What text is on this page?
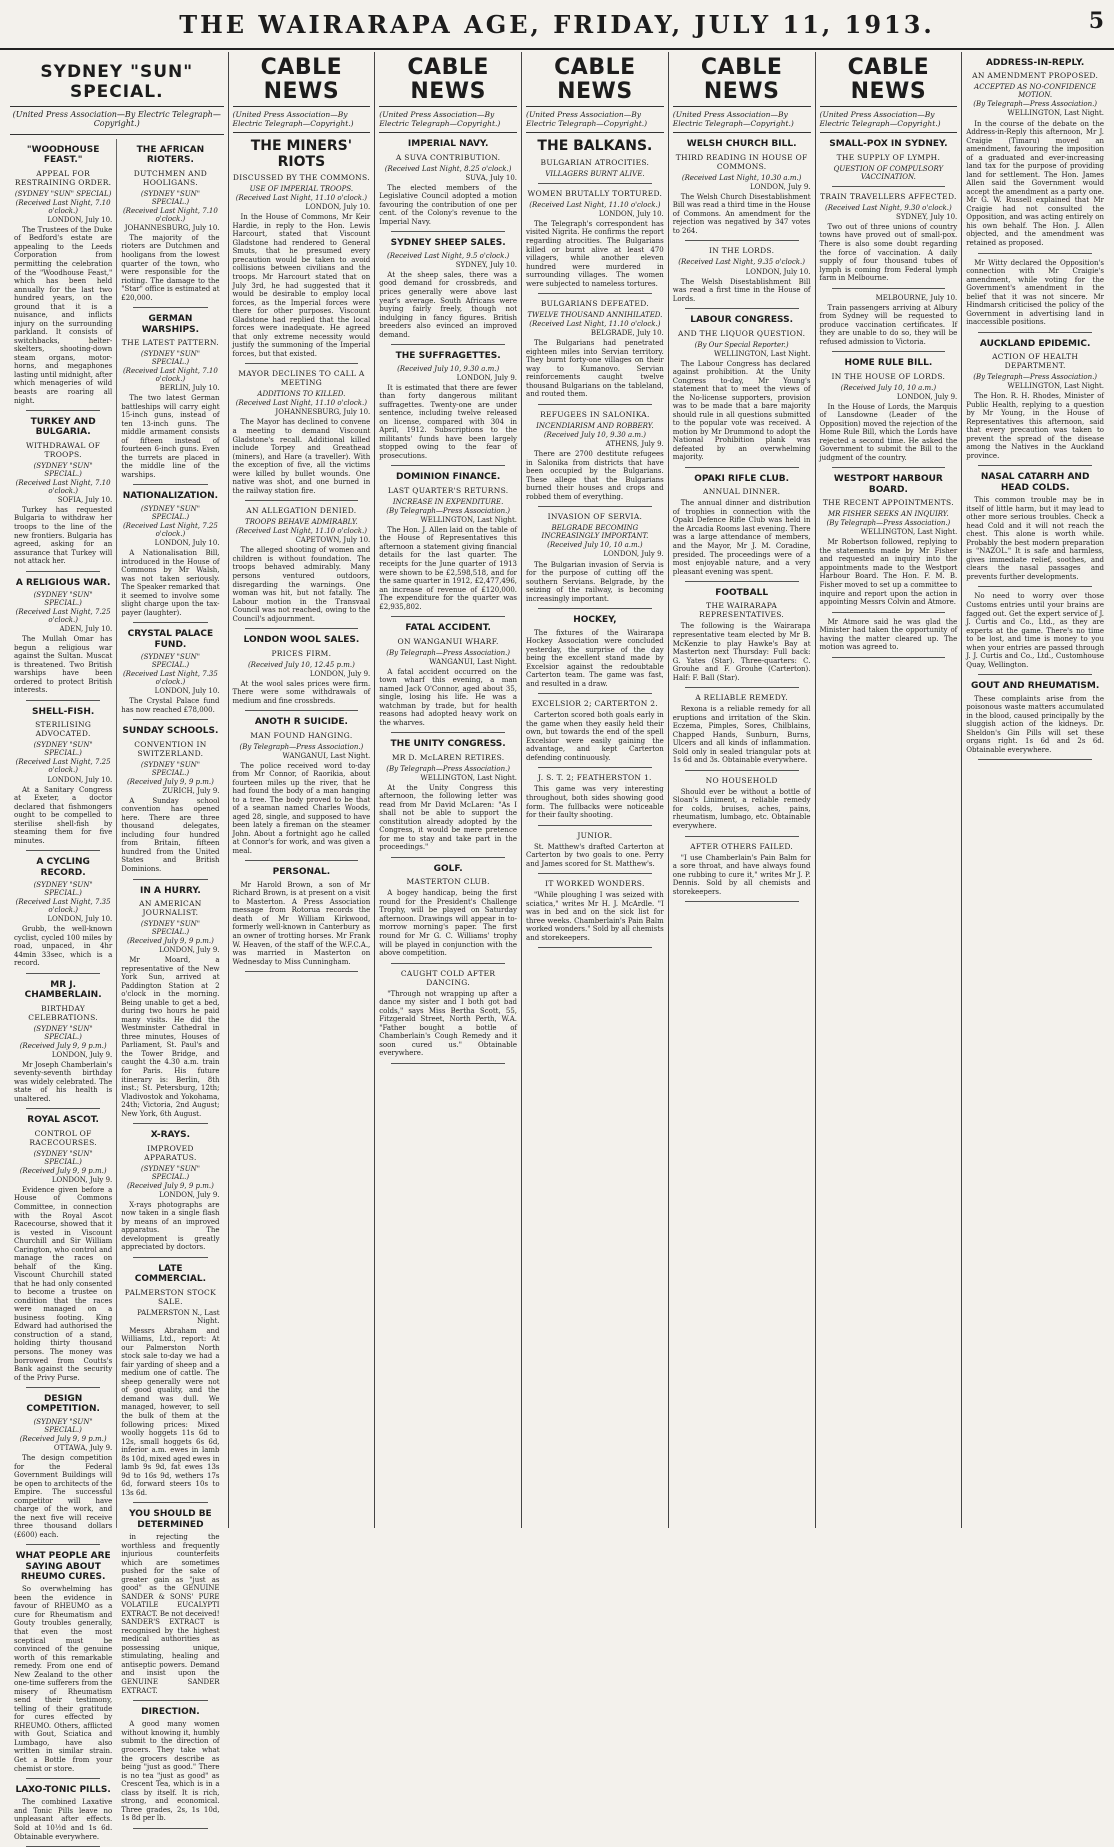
THE WAIRARAPA AGE, FRIDAY, JULY 11, 1913.	5
SYDNEY "SUN" SPECIAL.
(United Press Association—By Electric Telegraph—Copyright.)
"WOODHOUSE FEAST."
APPEAL FOR RESTRAINING ORDER.
(SYDNEY "SUN" SPECIAL)
(Received Last Night, 7.10 o'clock.)
LONDON, July 10.
The Trustees of the Duke of Bedford's estate are appealing to the Leeds Corporation from permitting the celebration of the "Woodhouse Feast," which has been held annually for the last two hundred years, on the ground that it is a nuisance, and inflicts injury on the surrounding parkland. It consists of switchbacks, helter-skelters, shooting-down steam organs, motor-horns, and megaphones lasting until midnight, after which menageries of wild beasts are roaring all night.
TURKEY AND BULGARIA.
WITHDRAWAL OF TROOPS.
(SYDNEY "SUN" SPECIAL.)
(Received Last Night, 7.10 o'clock.)
SOFIA, July 10.
Turkey has requested Bulgaria to withdraw her troops to the line of the new frontiers. Bulgaria has agreed, asking for an assurance that Turkey will not attack her.
A RELIGIOUS WAR.
(SYDNEY "SUN" SPECIAL.)
(Received Last Night, 7.25 o'clock.)
ADEN, July 10.
The Mullah Omar has begun a religious war against the Sultan. Muscat is threatened. Two British warships have been ordered to protect British interests.
SHELL-FISH.
STERILISING ADVOCATED.
(SYDNEY "SUN" SPECIAL.)
(Received Last Night, 7.25 o'clock.)
LONDON, July 10.
At a Sanitary Congress at Exeter, a doctor declared that fishmongers ought to be compelled to sterilise shell-fish by steaming them for five minutes.
A CYCLING RECORD.
(SYDNEY "SUN" SPECIAL.)
(Received Last Night, 7.35 o'clock.)
LONDON, July 10.
Grubb, the well-known cyclist, cycled 100 miles by road, unpaced, in 4hr 44min 33sec, which is a record.
MR J. CHAMBERLAIN.
BIRTHDAY CELEBRATIONS.
(SYDNEY "SUN" SPECIAL.)
(Received July 9, 9 p.m.)
LONDON, July 9.
Mr Joseph Chamberlain's seventy-seventh birthday was widely celebrated. The state of his health is unaltered.
ROYAL ASCOT.
CONTROL OF RACECOURSES.
(SYDNEY "SUN" SPECIAL.)
(Received July 9, 9 p.m.)
LONDON, July 9.
Evidence given before a House of Commons Committee, in connection with the Royal Ascot Racecourse, showed that it is vested in Viscount Churchill and Sir William Carington, who control and manage the races on behalf of the King. Viscount Churchill stated that he had only consented to become a trustee on condition that the races were managed on a business footing. King Edward had authorised the construction of a stand, holding thirty thousand persons. The money was borrowed from Coutts's Bank against the security of the Privy Purse.
DESIGN COMPETITION.
(SYDNEY "SUN" SPECIAL.)
(Received July 9, 9 p.m.)
OTTAWA, July 9.
The design competition for the Federal Government Buildings will be open to architects of the Empire. The successful competitor will have charge of the work, and the next five will receive three thousand dollars (£600) each.
WHAT PEOPLE ARE SAYING ABOUT RHEUMO CURES.
So overwhelming has been the evidence in favour of RHEUMO as a cure for Rheumatism and Gouty troubles generally, that even the most sceptical must be convinced of the genuine worth of this remarkable remedy. From one end of New Zealand to the other one-time sufferers from the misery of Rheumatism send their testimony, telling of their gratitude for cures effected by RHEUMO. Others, afflicted with Gout, Sciatica and Lumbago, have also written in similar strain. Get a Bottle from your chemist or store.
LAXO-TONIC PILLS.
The combined Laxative and Tonic Pills leave no unpleasant after effects. Sold at 10½d and 1s 6d. Obtainable everywhere.
THE AFRICAN RIOTERS.
DUTCHMEN AND HOOLIGANS.
(SYDNEY "SUN" SPECIAL.)
(Received Last Night, 7.10 o'clock.)
JOHANNESBURG, July 10.
The majority of the rioters are Dutchmen and hooligans from the lowest quarter of the town, who were responsible for the rioting. The damage to the "Star" office is estimated at £20,000.
GERMAN WARSHIPS.
THE LATEST PATTERN.
(SYDNEY "SUN" SPECIAL.)
(Received Last Night, 7.10 o'clock.)
BERLIN, July 10.
The two latest German battleships will carry eight 15-inch guns, instead of ten 13-inch guns. The middle armament consists of fifteen instead of fourteen 6-inch guns. Even the turrets are placed in the middle line of the warships.
NATIONALIZATION.
(SYDNEY "SUN" SPECIAL.)
(Received Last Night, 7.25 o'clock.)
LONDON, July 10.
A Nationalisation Bill, introduced in the House of Commons by Mr Walsh, was not taken seriously. The Speaker remarked that it seemed to involve some slight charge upon the tax-payer (laughter).
CRYSTAL PALACE FUND.
(SYDNEY "SUN" SPECIAL.)
(Received Last Night, 7.35 o'clock.)
LONDON, July 10.
The Crystal Palace fund has now reached £78,000.
SUNDAY SCHOOLS.
CONVENTION IN SWITZERLAND.
(SYDNEY "SUN" SPECIAL.)
(Received July 9, 9 p.m.)
ZURICH, July 9.
A Sunday school convention has opened here. There are three thousand delegates, including four hundred from Britain, fifteen hundred from the United States and British Dominions.
IN A HURRY.
AN AMERICAN JOURNALIST.
(SYDNEY "SUN" SPECIAL.)
(Received July 9, 9 p.m.)
LONDON, July 9.
Mr Moard, a representative of the New York Sun, arrived at Paddington Station at 2 o'clock in the morning. Being unable to get a bed, during two hours he paid many visits. He did the Westminster Cathedral in three minutes, Houses of Parliament, St. Paul's and the Tower Bridge, and caught the 4.30 a.m. train for Paris. His future itinerary is: Berlin, 8th inst.; St. Petersburg, 12th; Vladivostok and Yokohama, 24th; Victoria, 2nd August; New York, 6th August.
X-RAYS.
IMPROVED APPARATUS.
(SYDNEY "SUN" SPECIAL.)
(Received July 9, 9 p.m.)
LONDON, July 9.
X-rays photographs are now taken in a single flash by means of an improved apparatus. The development is greatly appreciated by doctors.
LATE COMMERCIAL.
PALMERSTON STOCK SALE.
PALMERSTON N., Last Night.
Messrs Abraham and Williams, Ltd., report: At our Palmerston North stock sale to-day we had a fair yarding of sheep and a medium one of cattle. The sheep generally were not of good quality, and the demand was dull. We managed, however, to sell the bulk of them at the following prices: Mixed woolly hoggets 11s 6d to 12s, small hoggets 6s 6d, inferior a.m. ewes in lamb 8s 10d, mixed aged ewes in lamb 9s 9d, fat ewes 13s 9d to 16s 9d, wethers 17s 6d, forward steers 10s to 13s 6d.
YOU SHOULD BE DETERMINED
in rejecting the worthless and frequently injurious counterfeits which are sometimes pushed for the sake of greater gain as "just as good" as the GENUINE SANDER & SONS' PURE VOLATILE EUCALYPTI EXTRACT. Be not deceived! SANDER'S EXTRACT is recognised by the highest medical authorities as possessing unique, stimulating, healing and antiseptic powers. Demand and insist upon the GENUINE SANDER EXTRACT.
DIRECTION.
A good many women without knowing it, humbly submit to the direction of grocers. They take what the grocers describe as being "just as good." There is no tea "just as good" as Crescent Tea, which is in a class by itself. It is rich, strong, and economical. Three grades, 2s, 1s 10d, 1s 8d per lb.
CABLE NEWS
(United Press Association—By Electric Telegraph—Copyright.)
THE MINERS' RIOTS
DISCUSSED BY THE COMMONS.
USE OF IMPERIAL TROOPS.
(Received Last Night, 11.10 o'clock.)
LONDON, July 10.
In the House of Commons, Mr Keir Hardie, in reply to the Hon. Lewis Harcourt, stated that Viscount Gladstone had rendered to General Smuts, that he presumed every precaution would be taken to avoid collisions between civilians and the troops. Mr Harcourt stated that on July 3rd, he had suggested that it would be desirable to employ local forces, as the Imperial forces were there for other purposes. Viscount Gladstone had replied that the local forces were inadequate. He agreed that only extreme necessity would justify the summoning of the Imperial forces, but that existed.
MAYOR DECLINES TO CALL A MEETING
ADDITIONS TO KILLED.
(Received Last Night, 11.10 o'clock.)
JOHANNESBURG, July 10.
The Mayor has declined to convene a meeting to demand Viscount Gladstone's recall. Additional killed include Torpey and Greathead (miners), and Hare (a traveller). With the exception of five, all the victims were killed by bullet wounds. One native was shot, and one burned in the railway station fire.
AN ALLEGATION DENIED.
TROOPS BEHAVE ADMIRABLY.
(Received Last Night, 11.10 o'clock.)
CAPETOWN, July 10.
The alleged shooting of women and children is without foundation. The troops behaved admirably. Many persons ventured outdoors, disregarding the warnings. One woman was hit, but not fatally. The Labour motion in the Transvaal Council was not reached, owing to the Council's adjournment.
LONDON WOOL SALES.
PRICES FIRM.
(Received July 10, 12.45 p.m.)
LONDON, July 9.
At the wool sales prices were firm. There were some withdrawals of medium and fine crossbreds.
ANOTH R SUICIDE.
MAN FOUND HANGING.
(By Telegraph—Press Association.)
WANGANUI, Last Night.
The police received word to-day from Mr Connor, of Raorikia, about fourteen miles up the river, that he had found the body of a man hanging to a tree. The body proved to be that of a seaman named Charles Woods, aged 28, single, and supposed to have been lately a fireman on the steamer John. About a fortnight ago he called at Connor's for work, and was given a meal.
PERSONAL.
Mr Harold Brown, a son of Mr Richard Brown, is at present on a visit to Masterton. A Press Association message from Rotorua records the death of Mr William Kirkwood, formerly well-known in Canterbury as an owner of trotting horses. Mr Frank W. Heaven, of the staff of the W.F.C.A., was married in Masterton on Wednesday to Miss Cunningham.
CABLE NEWS
(United Press Association—By Electric Telegraph—Copyright.)
IMPERIAL NAVY.
A SUVA CONTRIBUTION.
(Received Last Night, 8.25 o'clock.)
SUVA, July 10.
The elected members of the Legislative Council adopted a motion favouring the contribution of one per cent. of the Colony's revenue to the Imperial Navy.
SYDNEY SHEEP SALES.
(Received Last Night, 9.5 o'clock.)
SYDNEY, July 10.
At the sheep sales, there was a good demand for crossbreds, and prices generally were above last year's average. South Africans were buying fairly freely, though not indulging in fancy figures. British breeders also evinced an improved demand.
THE SUFFRAGETTES.
(Received July 10, 9.30 a.m.)
LONDON, July 9.
It is estimated that there are fewer than forty dangerous militant suffragettes. Twenty-one are under sentence, including twelve released on license, compared with 304 in April, 1912. Subscriptions to the militants' funds have been largely stopped owing to the fear of prosecutions.
DOMINION FINANCE.
LAST QUARTER'S RETURNS.
INCREASE IN EXPENDITURE.
(By Telegraph—Press Association.)
WELLINGTON, Last Night.
The Hon. J. Allen laid on the table of the House of Representatives this afternoon a statement giving financial details for the last quarter. The receipts for the June quarter of 1913 were shown to be £2,598,518, and for the same quarter in 1912, £2,477,496, an increase of revenue of £120,000. The expenditure for the quarter was £2,935,802.
FATAL ACCIDENT.
ON WANGANUI WHARF.
(By Telegraph—Press Association.)
WANGANUI, Last Night.
A fatal accident occurred on the town wharf this evening, a man named Jack O'Connor, aged about 35, single, losing his life. He was a watchman by trade, but for health reasons had adopted heavy work on the wharves.
THE UNITY CONGRESS.
MR D. McLAREN RETIRES.
(By Telegraph—Press Association.)
WELLINGTON, Last Night.
At the Unity Congress this afternoon, the following letter was read from Mr David McLaren: "As I shall not be able to support the constitution already adopted by the Congress, it would be mere pretence for me to stay and take part in the proceedings."
GOLF.
MASTERTON CLUB.
A bogey handicap, being the first round for the President's Challenge Trophy, will be played on Saturday afternoon. Drawings will appear in to-morrow morning's paper. The first round for Mr G. C. Williams' trophy will be played in conjunction with the above competition.
CAUGHT COLD AFTER DANCING.
"Through not wrapping up after a dance my sister and I both got bad colds," says Miss Bertha Scott, 55, Fitzgerald Street, North Perth, W.A. "Father bought a bottle of Chamberlain's Cough Remedy and it soon cured us." Obtainable everywhere.
CABLE NEWS
(United Press Association—By Electric Telegraph—Copyright.)
THE BALKANS.
BULGARIAN ATROCITIES.
VILLAGERS BURNT ALIVE.
WOMEN BRUTALLY TORTURED.
(Received Last Night, 11.10 o'clock.)
LONDON, July 10.
The Telegraph's correspondent has visited Nigrita. He confirms the report regarding atrocities. The Bulgarians killed or burnt alive at least 470 villagers, while another eleven hundred were murdered in surrounding villages. The women were subjected to nameless tortures.
BULGARIANS DEFEATED.
TWELVE THOUSAND ANNIHILATED.
(Received Last Night, 11.10 o'clock.)
BELGRADE, July 10.
The Bulgarians had penetrated eighteen miles into Servian territory. They burnt forty-one villages on their way to Kumanovo. Servian reinforcements caught twelve thousand Bulgarians on the tableland, and routed them.
REFUGEES IN SALONIKA.
INCENDIARISM AND ROBBERY.
(Received July 10, 9.30 a.m.)
ATHENS, July 9.
There are 2700 destitute refugees in Salonika from districts that have been occupied by the Bulgarians. These allege that the Bulgarians burned their houses and crops and robbed them of everything.
INVASION OF SERVIA.
BELGRADE BECOMING INCREASINGLY IMPORTANT.
(Received July 10, 10 a.m.)
LONDON, July 9.
The Bulgarian invasion of Servia is for the purpose of cutting off the southern Servians. Belgrade, by the seizing of the railway, is becoming increasingly important.
HOCKEY,
The fixtures of the Wairarapa Hockey Association were concluded yesterday, the surprise of the day being the excellent stand made by Excelsior against the redoubtable Carterton team. The game was fast, and resulted in a draw.
EXCELSIOR 2; CARTERTON 2.
Carterton scored both goals early in the game when they easily held their own, but towards the end of the spell Excelsior were easily gaining the advantage, and kept Carterton defending continuously.
J. S. T. 2; FEATHERSTON 1.
This game was very interesting throughout, both sides showing good form. The fullbacks were noticeable for their faulty shooting.
JUNIOR.
St. Matthew's drafted Carterton at Carterton by two goals to one. Perry and James scored for St. Matthew's.
IT WORKED WONDERS.
"While ploughing I was seized with sciatica," writes Mr H. J. McArdle. "I was in bed and on the sick list for three weeks. Chamberlain's Pain Balm worked wonders." Sold by all chemists and storekeepers.
CABLE NEWS
(United Press Association—By Electric Telegraph—Copyright.)
WELSH CHURCH BILL.
THIRD READING IN HOUSE OF COMMONS.
(Received Last Night, 10.30 a.m.)
LONDON, July 9.
The Welsh Church Disestablishment Bill was read a third time in the House of Commons. An amendment for the rejection was negatived by 347 votes to 264.
IN THE LORDS.
(Received Last Night, 9.35 o'clock.)
LONDON, July 10.
The Welsh Disestablishment Bill was read a first time in the House of Lords.
LABOUR CONGRESS.
AND THE LIQUOR QUESTION.
(By Our Special Reporter.)
WELLINGTON, Last Night.
The Labour Congress has declared against prohibition. At the Unity Congress to-day, Mr Young's statement that to meet the views of the No-license supporters, provision was to be made that a bare majority should rule in all questions submitted to the popular vote was received. A motion by Mr Drummond to adopt the National Prohibition plank was defeated by an overwhelming majority.
OPAKI RIFLE CLUB.
ANNUAL DINNER.
The annual dinner and distribution of trophies in connection with the Opaki Defence Rifle Club was held in the Arcadia Rooms last evening. There was a large attendance of members, and the Mayor, Mr J. M. Coradine, presided. The proceedings were of a most enjoyable nature, and a very pleasant evening was spent.
FOOTBALL
THE WAIRARAPA REPRESENTATIVES.
The following is the Wairarapa representative team elected by Mr B. McKenzie to play Hawke's Bay at Masterton next Thursday: Full back: G. Yates (Star). Three-quarters: C. Grouhe and F. Grouhe (Carterton). Half: F. Ball (Star).
A RELIABLE REMEDY.
Rexona is a reliable remedy for all eruptions and irritation of the Skin. Eczema, Pimples, Sores, Chilblains, Chapped Hands, Sunburn, Burns, Ulcers and all kinds of inflammation. Sold only in sealed triangular pots at 1s 6d and 3s. Obtainable everywhere.
NO HOUSEHOLD
Should ever be without a bottle of Sloan's Liniment, a reliable remedy for colds, bruises, aches, pains, rheumatism, lumbago, etc. Obtainable everywhere.
AFTER OTHERS FAILED.
"I use Chamberlain's Pain Balm for a sore throat, and have always found one rubbing to cure it," writes Mr J. P. Dennis. Sold by all chemists and storekeepers.
CABLE NEWS
(United Press Association—By Electric Telegraph—Copyright.)
SMALL-POX IN SYDNEY.
THE SUPPLY OF LYMPH.
QUESTION OF COMPULSORY VACCINATION.
TRAIN TRAVELLERS AFFECTED.
(Received Last Night, 9.30 o'clock.)
SYDNEY, July 10.
Two out of three unions of country towns have proved out of small-pox. There is also some doubt regarding the force of vaccination. A daily supply of four thousand tubes of lymph is coming from Federal lymph farm in Melbourne.
MELBOURNE, July 10.
Train passengers arriving at Albury from Sydney will be requested to produce vaccination certificates. If they are unable to do so, they will be refused admission to Victoria.
HOME RULE BILL.
IN THE HOUSE OF LORDS.
(Received July 10, 10 a.m.)
LONDON, July 9.
In the House of Lords, the Marquis of Lansdowne (Leader of the Opposition) moved the rejection of the Home Rule Bill, which the Lords have rejected a second time. He asked the Government to submit the Bill to the judgment of the country.
WESTPORT HARBOUR BOARD.
THE RECENT APPOINTMENTS.
MR FISHER SEEKS AN INQUIRY.
(By Telegraph—Press Association.)
WELLINGTON, Last Night.
Mr Robertson followed, replying to the statements made by Mr Fisher and requested an inquiry into the appointments made to the Westport Harbour Board. The Hon. F. M. B. Fisher moved to set up a committee to inquire and report upon the action in appointing Messrs Colvin and Atmore.
Mr Atmore said he was glad the Minister had taken the opportunity of having the matter cleared up. The motion was agreed to.
ADDRESS-IN-REPLY.
AN AMENDMENT PROPOSED.
ACCEPTED AS NO-CONFIDENCE MOTION.
(By Telegraph—Press Association.)
WELLINGTON, Last Night.
In the course of the debate on the Address-in-Reply this afternoon, Mr J. Craigie (Timaru) moved an amendment, favouring the imposition of a graduated and ever-increasing land tax for the purpose of providing land for settlement. The Hon. James Allen said the Government would accept the amendment as a party one. Mr G. W. Russell explained that Mr Craigie had not consulted the Opposition, and was acting entirely on his own behalf. The Hon. J. Allen objected, and the amendment was retained as proposed.
Mr Witty declared the Opposition's connection with Mr Craigie's amendment, while voting for the Government's amendment in the belief that it was not sincere. Mr Hindmarsh criticised the policy of the Government in advertising land in inaccessible positions.
AUCKLAND EPIDEMIC.
ACTION OF HEALTH DEPARTMENT.
(By Telegraph—Press Association.)
WELLINGTON, Last Night.
The Hon. R. H. Rhodes, Minister of Public Health, replying to a question by Mr Young, in the House of Representatives this afternoon, said that every precaution was taken to prevent the spread of the disease among the Natives in the Auckland province.
NASAL CATARRH AND HEAD COLDS.
This common trouble may be in itself of little harm, but it may lead to other more serious troubles. Check a head Cold and it will not reach the chest. This alone is worth while. Probably the best modern preparation is "NAZOL." It is safe and harmless, gives immediate relief, soothes, and clears the nasal passages and prevents further developments.
No need to worry over those Customs entries until your brains are fagged out. Get the expert service of J. J. Curtis and Co., Ltd., as they are experts at the game. There's no time to be lost, and time is money to you when your entries are passed through J. J. Curtis and Co., Ltd., Customhouse Quay, Wellington.
GOUT AND RHEUMATISM.
These complaints arise from the poisonous waste matters accumulated in the blood, caused principally by the sluggish action of the kidneys. Dr. Sheldon's Gin Pills will set these organs right. 1s 6d and 2s 6d. Obtainable everywhere.
